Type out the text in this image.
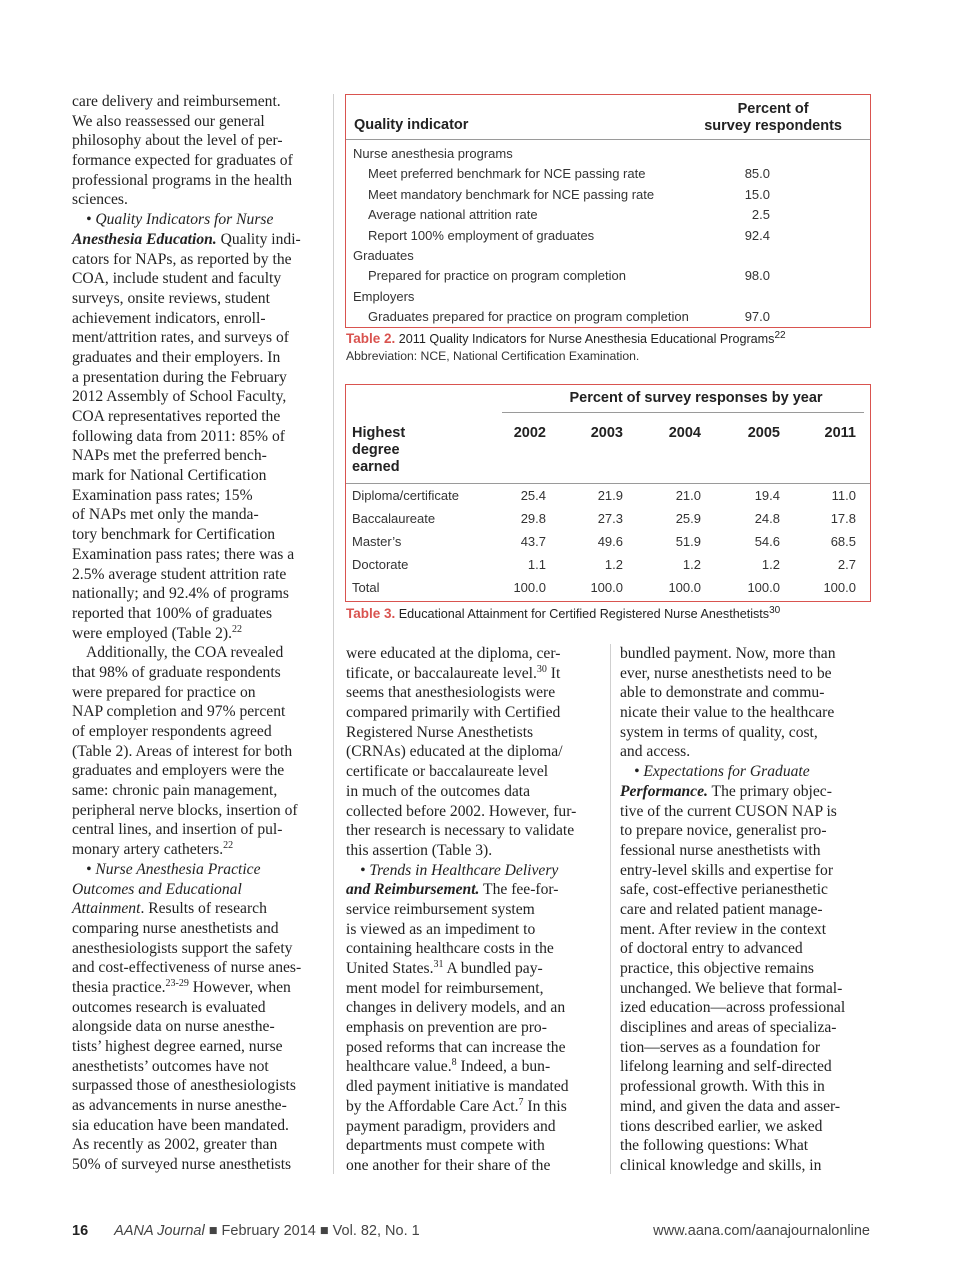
care delivery and reimbursement.
We also reassessed our general
philosophy about the level of per-
formance expected for graduates of
professional programs in the health
sciences.
• Quality Indicators for Nurse
Anesthesia Education. Quality indi-
cators for NAPs, as reported by the
COA, include student and faculty
surveys, onsite reviews, student
achievement indicators, enroll-
ment/attrition rates, and surveys of
graduates and their employers. In
a presentation during the February
2012 Assembly of School Faculty,
COA representatives reported the
following data from 2011: 85% of
NAPs met the preferred bench-
mark for National Certification
Examination pass rates; 15%
of NAPs met only the manda-
tory benchmark for Certification
Examination pass rates; there was a
2.5% average student attrition rate
nationally; and 92.4% of programs
reported that 100% of graduates
were employed (Table 2).$^{22}$
Additionally, the COA revealed
that 98% of graduate respondents
were prepared for practice on
NAP completion and 97% percent
of employer respondents agreed
(Table 2). Areas of interest for both
graduates and employers were the
same: chronic pain management,
peripheral nerve blocks, insertion of
central lines, and insertion of pul-
monary artery catheters.$^{22}$
• Nurse Anesthesia Practice
Outcomes and Educational
Attainment. Results of research
comparing nurse anesthetists and
anesthesiologists support the safety
and cost-effectiveness of nurse anes-
thesia practice.$^{23-29}$ However, when
outcomes research is evaluated
alongside data on nurse anesthe-
tists’ highest degree earned, nurse
anesthetists’ outcomes have not
surpassed those of anesthesiologists
as advancements in nurse anesthe-
sia education have been mandated.
As recently as 2002, greater than
50% of surveyed nurse anesthetists
were educated at the diploma, cer-
tificate, or baccalaureate level.$^{30}$ It
seems that anesthesiologists were
compared primarily with Certified
Registered Nurse Anesthetists
(CRNAs) educated at the diploma/
certificate or baccalaureate level
in much of the outcomes data
collected before 2002. However, fur-
ther research is necessary to validate
this assertion (Table 3).
• Trends in Healthcare Delivery
and Reimbursement. The fee-for-
service reimbursement system
is viewed as an impediment to
containing healthcare costs in the
United States.$^{31}$ A bundled pay-
ment model for reimbursement,
changes in delivery models, and an
emphasis on prevention are pro-
posed reforms that can increase the
healthcare value.$^8$ Indeed, a bun-
dled payment initiative is mandated
by the Affordable Care Act.$^7$ In this
payment paradigm, providers and
departments must compete with
one another for their share of the
bundled payment. Now, more than
ever, nurse anesthetists need to be
able to demonstrate and commu-
nicate their value to the healthcare
system in terms of quality, cost,
and access.
• Expectations for Graduate
Performance. The primary objec-
tive of the current CUSON NAP is
to prepare novice, generalist pro-
fessional nurse anesthetists with
entry-level skills and expertise for
safe, cost-effective perianesthetic
care and related patient manage-
ment. After review in the context
of doctoral entry to advanced
practice, this objective remains
unchanged. We believe that formal-
ized education—across professional
disciplines and areas of specializa-
tion—serves as a foundation for
lifelong learning and self-directed
professional growth. With this in
mind, and given the data and asser-
tions described earlier, we asked
the following questions: What
clinical knowledge and skills, in
Quality indicator
Percent of
survey respondents
Nurse anesthesia programs
Meet preferred benchmark for NCE passing rate	85.0
Meet mandatory benchmark for NCE passing rate	15.0
Average national attrition rate	2.5
Report 100% employment of graduates	92.4
Graduates
Prepared for practice on program completion	98.0
Employers
Graduates prepared for practice on program completion	97.0
Table 2. 2011 Quality Indicators for Nurse Anesthesia Educational Programs$^{22}$
Abbreviation: NCE, National Certification Examination.
Percent of survey responses by year
Highest
degree
earned
2002	2003	2004	2005	2011
Diploma/certificate	25.4	21.9	21.0	19.4	11.0
Baccalaureate	29.8	27.3	25.9	24.8	17.8
Master’s	43.7	49.6	51.9	54.6	68.5
Doctorate	1.1	1.2	1.2	1.2	2.7
Total	100.0	100.0	100.0	100.0	100.0
Table 3. Educational Attainment for Certified Registered Nurse Anesthetists$^{30}$
16 AANA Journal ■ February 2014 ■ Vol. 82, No. 1	www.aana.com/aanajournalonline
